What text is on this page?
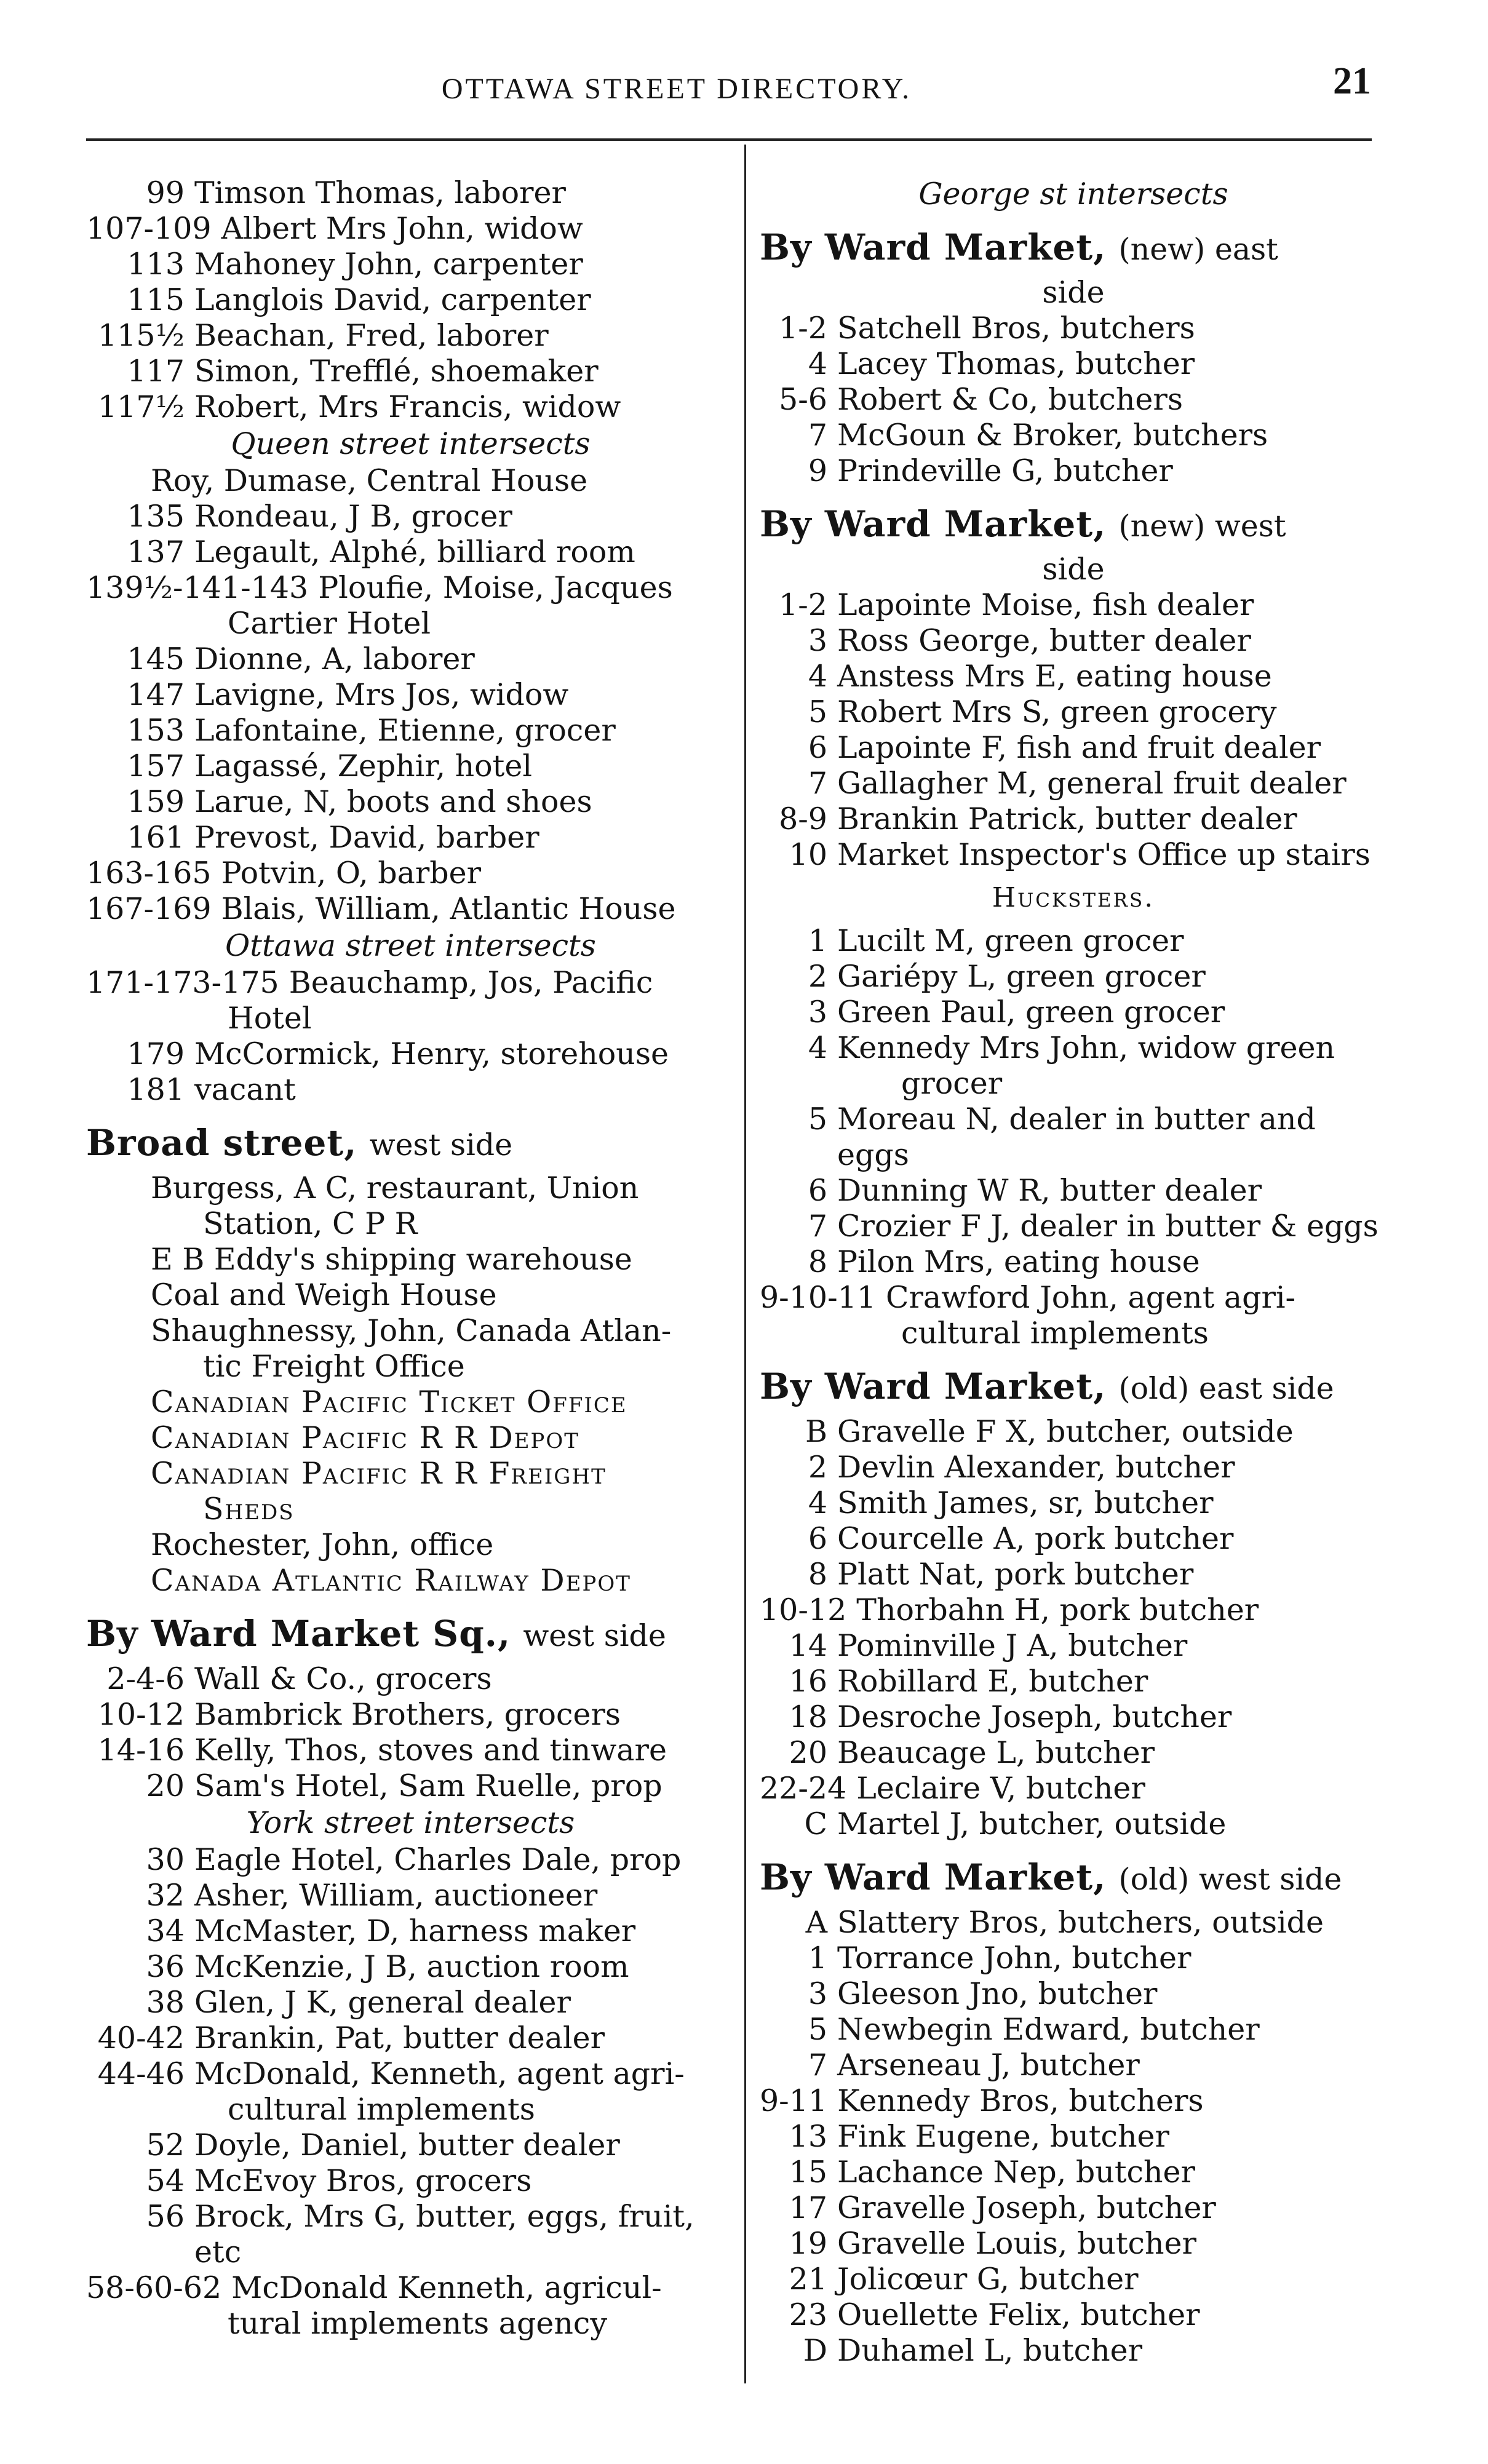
OTTAWA STREET DIRECTORY.	21
99 Timson Thomas, laborer
107-109 Albert Mrs John, widow
113 Mahoney John, carpenter
115 Langlois David, carpenter
115½ Beachan, Fred, laborer
117 Simon, Trefflé, shoemaker
117½ Robert, Mrs Francis, widow
Queen street intersects
Roy, Dumase, Central House
135 Rondeau, J B, grocer
137 Legault, Alphé, billiard room
139½-141-143 Ploufie, Moise, Jacques
Cartier Hotel
145 Dionne, A, laborer
147 Lavigne, Mrs Jos, widow
153 Lafontaine, Etienne, grocer
157 Lagassé, Zephir, hotel
159 Larue, N, boots and shoes
161 Prevost, David, barber
163-165 Potvin, O, barber
167-169 Blais, William, Atlantic House
Ottawa street intersects
171-173-175 Beauchamp, Jos, Pacific
Hotel
179 McCormick, Henry, storehouse
181 vacant
Broad street, west side
Burgess, A C, restaurant, Union
Station, C P R
E B Eddy's shipping warehouse
Coal and Weigh House
Shaughnessy, John, Canada Atlan-
tic Freight Office
Canadian Pacific Ticket Office
Canadian Pacific R R Depot
Canadian Pacific R R Freight
Sheds
Rochester, John, office
Canada Atlantic Railway Depot
By Ward Market Sq., west side
2-4-6 Wall & Co., grocers
10-12 Bambrick Brothers, grocers
14-16 Kelly, Thos, stoves and tinware
20 Sam's Hotel, Sam Ruelle, prop
York street intersects
30 Eagle Hotel, Charles Dale, prop
32 Asher, William, auctioneer
34 McMaster, D, harness maker
36 McKenzie, J B, auction room
38 Glen, J K, general dealer
40-42 Brankin, Pat, butter dealer
44-46 McDonald, Kenneth, agent agri-
cultural implements
52 Doyle, Daniel, butter dealer
54 McEvoy Bros, grocers
56 Brock, Mrs G, butter, eggs, fruit, etc
58-60-62 McDonald Kenneth, agricul-
tural implements agency
George st intersects
By Ward Market, (new) east
side
1-2 Satchell Bros, butchers
4 Lacey Thomas, butcher
5-6 Robert & Co, butchers
7 McGoun & Broker, butchers
9 Prindeville G, butcher
By Ward Market, (new) west
side
1-2 Lapointe Moise, fish dealer
3 Ross George, butter dealer
4 Anstess Mrs E, eating house
5 Robert Mrs S, green grocery
6 Lapointe F, fish and fruit dealer
7 Gallagher M, general fruit dealer
8-9 Brankin Patrick, butter dealer
10 Market Inspector's Office up stairs
Hucksters.
1 Lucilt M, green grocer
2 Gariépy L, green grocer
3 Green Paul, green grocer
4 Kennedy Mrs John, widow green
grocer
5 Moreau N, dealer in butter and eggs
6 Dunning W R, butter dealer
7 Crozier F J, dealer in butter & eggs
8 Pilon Mrs, eating house
9-10-11 Crawford John, agent agri-
cultural implements
By Ward Market, (old) east side
B Gravelle F X, butcher, outside
2 Devlin Alexander, butcher
4 Smith James, sr, butcher
6 Courcelle A, pork butcher
8 Platt Nat, pork butcher
10-12 Thorbahn H, pork butcher
14 Pominville J A, butcher
16 Robillard E, butcher
18 Desroche Joseph, butcher
20 Beaucage L, butcher
22-24 Leclaire V, butcher
C Martel J, butcher, outside
By Ward Market, (old) west side
A Slattery Bros, butchers, outside
1 Torrance John, butcher
3 Gleeson Jno, butcher
5 Newbegin Edward, butcher
7 Arseneau J, butcher
9-11 Kennedy Bros, butchers
13 Fink Eugene, butcher
15 Lachance Nep, butcher
17 Gravelle Joseph, butcher
19 Gravelle Louis, butcher
21 Jolicœur G, butcher
23 Ouellette Felix, butcher
D Duhamel L, butcher
